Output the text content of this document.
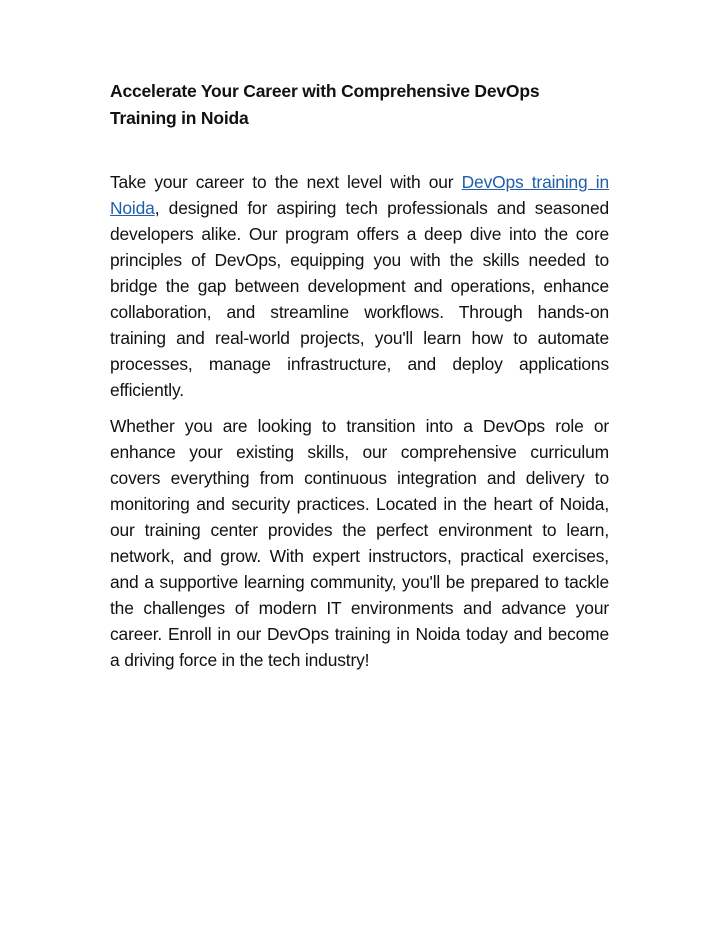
Accelerate Your Career with Comprehensive DevOps Training in Noida

Take your career to the next level with our DevOps training in Noida, designed for aspiring tech professionals and seasoned developers alike. Our program offers a deep dive into the core principles of DevOps, equipping you with the skills needed to bridge the gap between development and operations, enhance collaboration, and streamline workflows. Through hands-on training and real-world projects, you'll learn how to automate processes, manage infrastructure, and deploy applications efficiently.

Whether you are looking to transition into a DevOps role or enhance your existing skills, our comprehensive curriculum covers everything from continuous integration and delivery to monitoring and security practices. Located in the heart of Noida, our training center provides the perfect environment to learn, network, and grow. With expert instructors, practical exercises, and a supportive learning community, you'll be prepared to tackle the challenges of modern IT environments and advance your career. Enroll in our DevOps training in Noida today and become a driving force in the tech industry!
